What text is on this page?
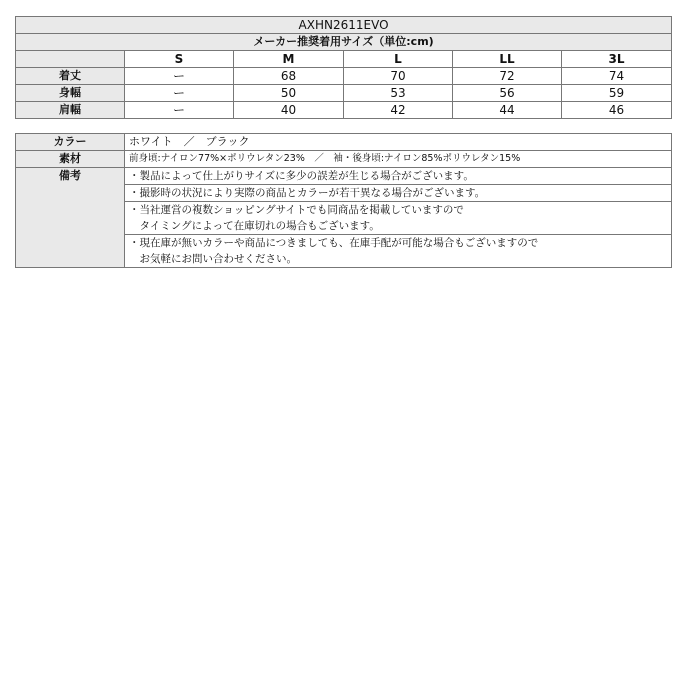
AXHN2611EVO					
メーカー推奨着用サイズ（単位:cm)					
	S	M	L	LL	3L
着丈	ー	68	70	72	74
身幅	ー	50	53	56	59
肩幅	ー	40	42	44	46
カラー	ホワイト　／　ブラック
素材	前身頃:ナイロン77%×ポリウレタン23%　／　袖・後身頃:ナイロン85%ポリウレタン15%
備考	・製品によって仕上がりサイズに多少の誤差が生じる場合がございます。

	・撮影時の状況により実際の商品とカラーが若干異なる場合がございます。

	・当社運営の複数ショッピングサイトでも同商品を掲載していますので
　タイミングによって在庫切れの場合もございます。

	・現在庫が無いカラーや商品につきましても、在庫手配が可能な場合もございますので
　お気軽にお問い合わせください。
